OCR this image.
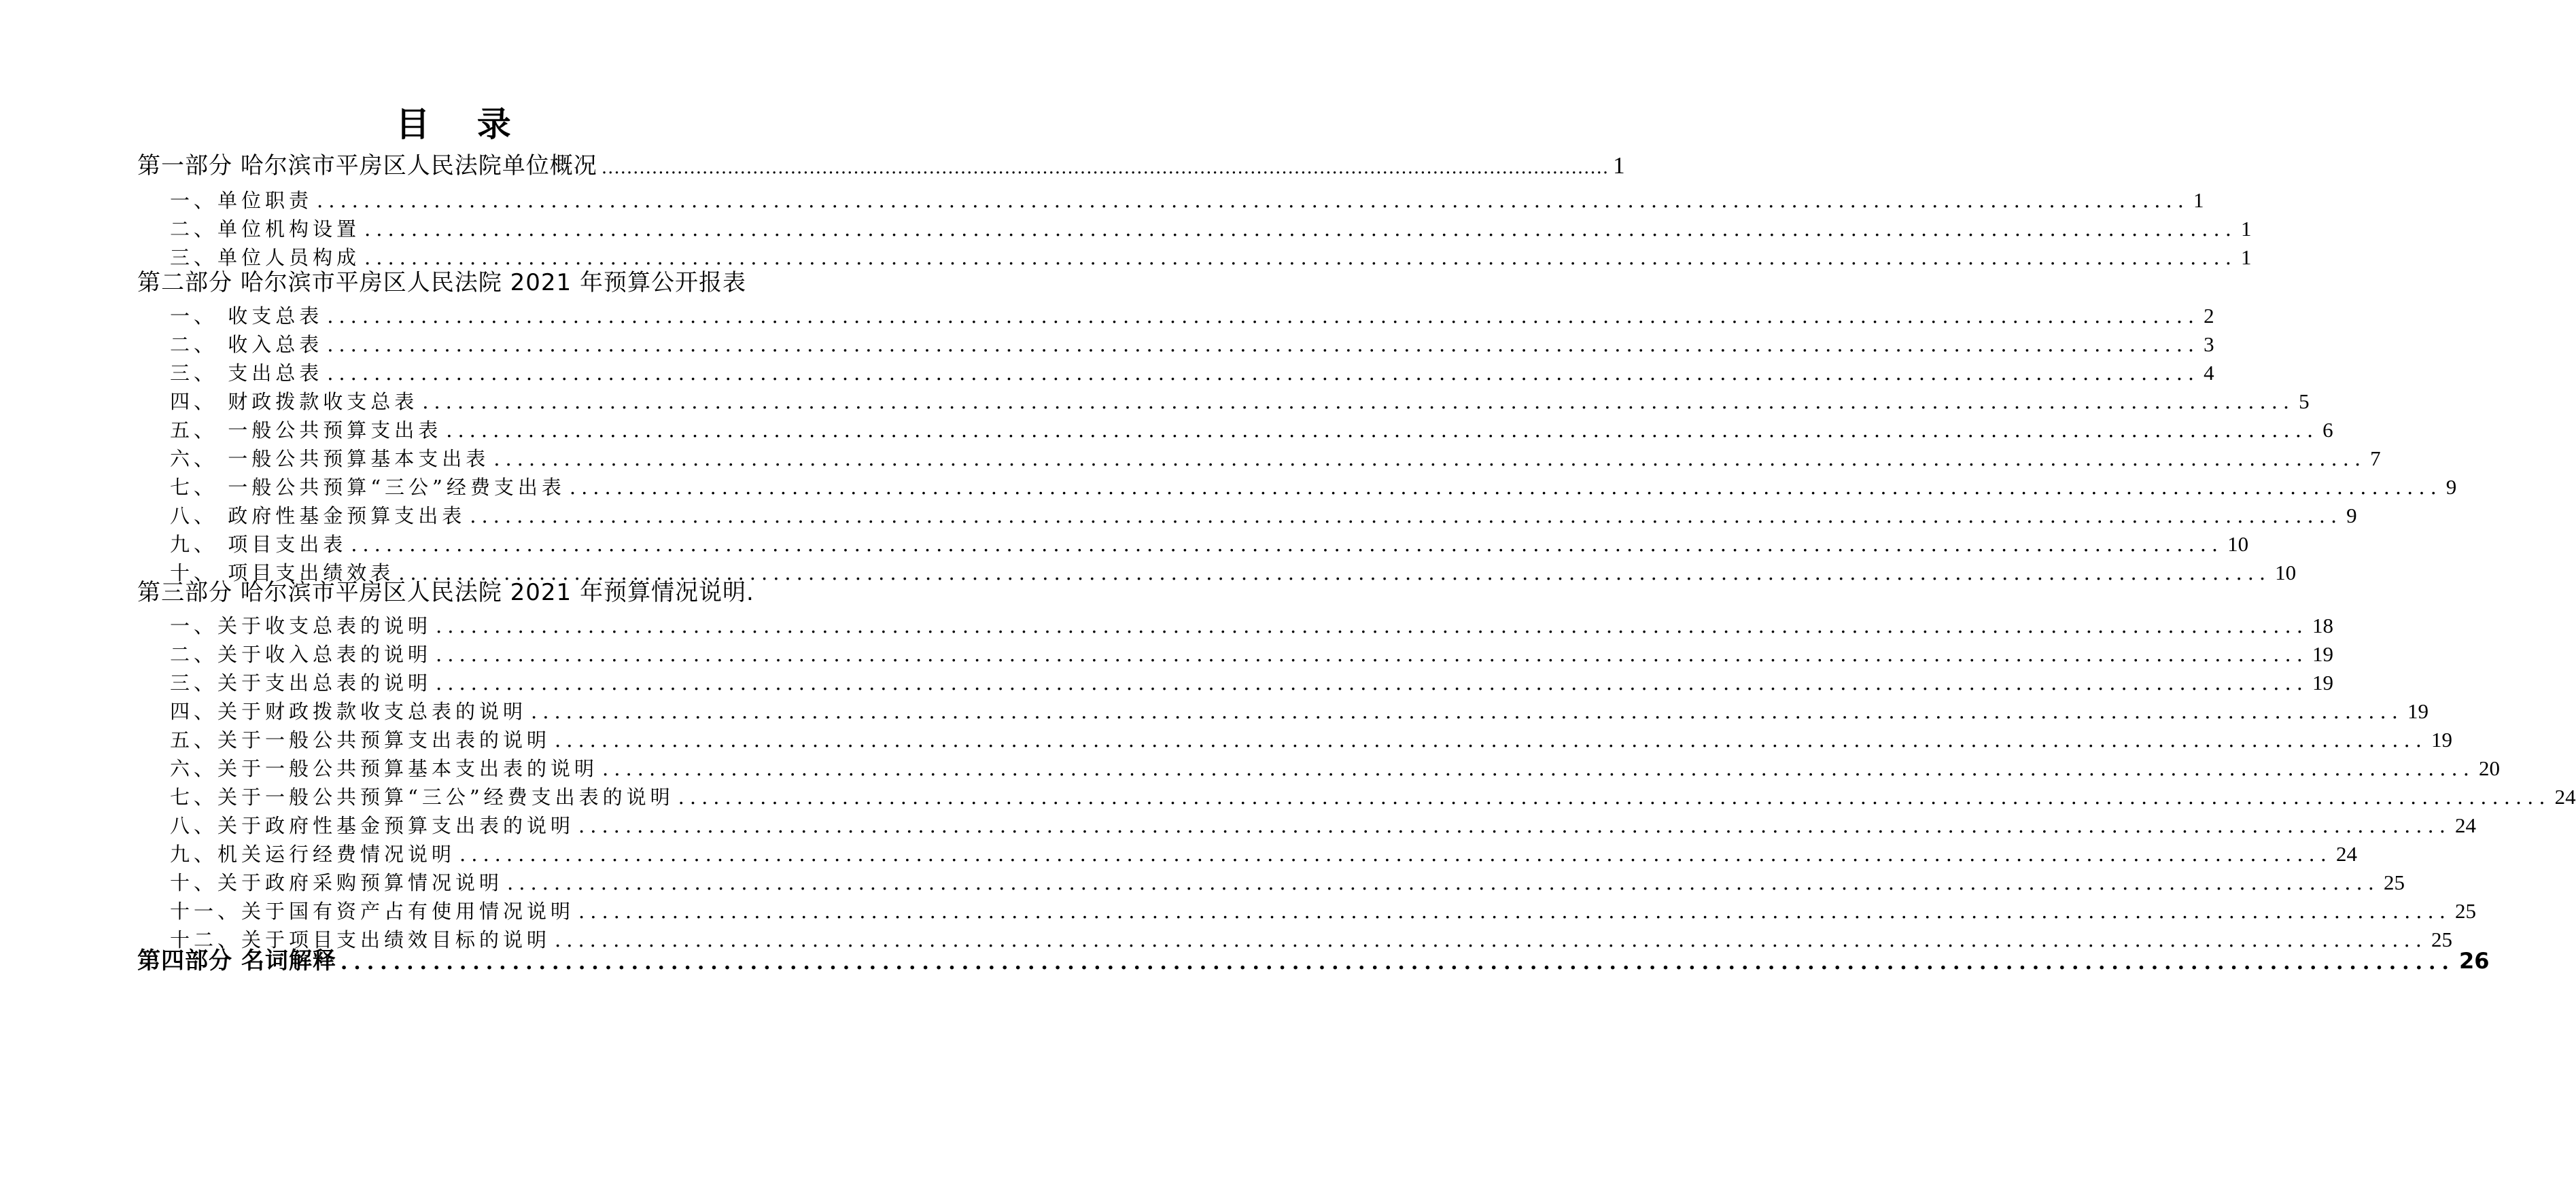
目 录
第一部分 哈尔滨市平房区人民法院单位概况 ................................................................................................................................................................ 1
一、单位职责 ................................................................................................................................................................ 1
二、单位机构设置 ................................................................................................................................................................ 1
三、单位人员构成 ................................................................................................................................................................ 1
第二部分 哈尔滨市平房区人民法院 2021 年预算公开报表
一、 收支总表 ................................................................................................................................................................ 2
二、 收入总表 ................................................................................................................................................................ 3
三、 支出总表 ................................................................................................................................................................ 4
四、 财政拨款收支总表 ................................................................................................................................................................ 5
五、 一般公共预算支出表 ................................................................................................................................................................ 6
六、 一般公共预算基本支出表 ................................................................................................................................................................ 7
七、 一般公共预算“三公”经费支出表 ................................................................................................................................................................ 9
八、 政府性基金预算支出表 ................................................................................................................................................................ 9
九、 项目支出表 ................................................................................................................................................................ 10
十、 项目支出绩效表 ................................................................................................................................................................ 10
第三部分 哈尔滨市平房区人民法院 2021 年预算情况说明.
一、关于收支总表的说明 ................................................................................................................................................................ 18
二、关于收入总表的说明 ................................................................................................................................................................ 19
三、关于支出总表的说明 ................................................................................................................................................................ 19
四、关于财政拨款收支总表的说明 ................................................................................................................................................................ 19
五、关于一般公共预算支出表的说明 ................................................................................................................................................................ 19
六、关于一般公共预算基本支出表的说明 ................................................................................................................................................................ 20
七、关于一般公共预算“三公”经费支出表的说明 ................................................................................................................................................................ 24
八、关于政府性基金预算支出表的说明 ................................................................................................................................................................ 24
九、机关运行经费情况说明 ................................................................................................................................................................ 24
十、关于政府采购预算情况说明 ................................................................................................................................................................ 25
十一、关于国有资产占有使用情况说明 ................................................................................................................................................................ 25
十二、关于项目支出绩效目标的说明 ................................................................................................................................................................ 25
第四部分 名词解释 ................................................................................................................................................................ 26
